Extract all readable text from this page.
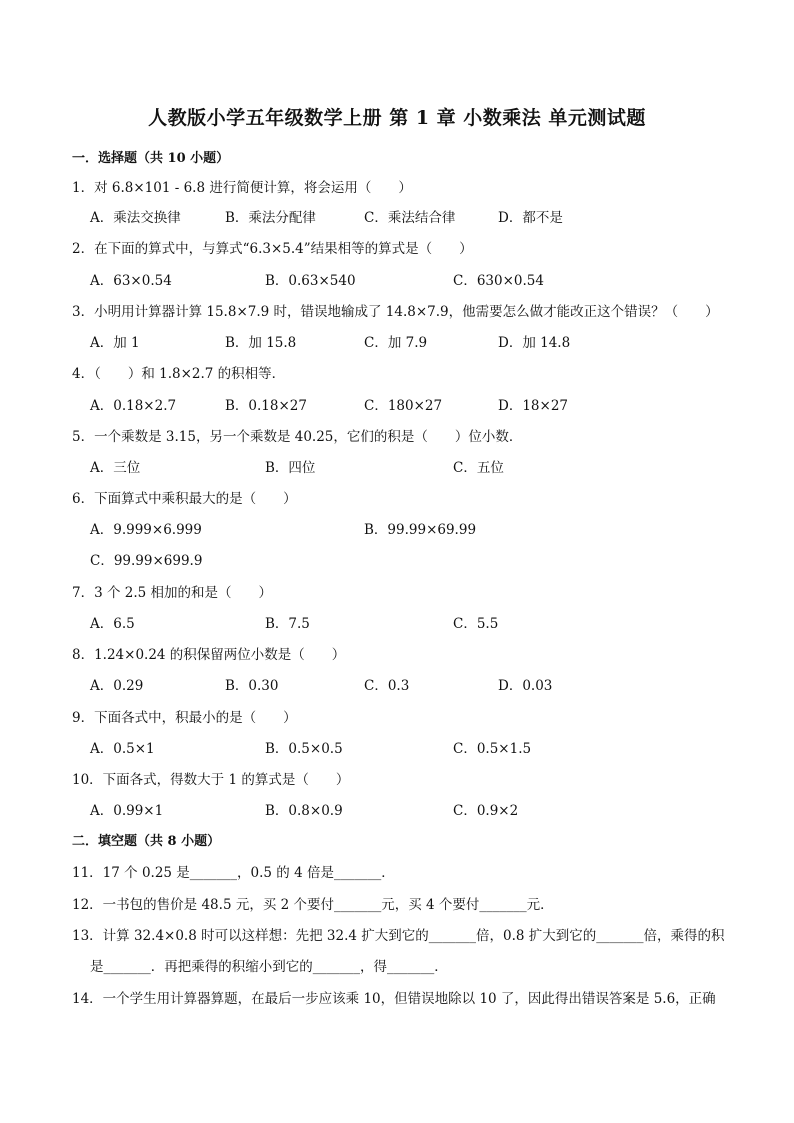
人教版小学五年级数学上册 第 1 章 小数乘法 单元测试题
一．选择题（共 10 小题）
1．对 6.8×101 - 6.8 进行简便计算，将会运用（　　）
A．乘法交换律	B．乘法分配律	C．乘法结合律	D．都不是
2．在下面的算式中，与算式“6.3×5.4”结果相等的算式是（　　）
A．63×0.54	B．0.63×540	C．630×0.54
3．小明用计算器计算 15.8×7.9 时，错误地输成了 14.8×7.9，他需要怎么做才能改正这个错误？（　　）
A．加 1	B．加 15.8	C．加 7.9	D．加 14.8
4．（　　）和 1.8×2.7 的积相等．
A．0.18×2.7	B．0.18×27	C．180×27	D．18×27
5．一个乘数是 3.15，另一个乘数是 40.25，它们的积是（　　）位小数．
A．三位	B．四位	C．五位
6．下面算式中乘积最大的是（　　）
A．9.999×6.999	B．99.99×69.99
C．99.99×699.9
7．3 个 2.5 相加的和是（　　）
A．6.5	B．7.5	C．5.5
8．1.24×0.24 的积保留两位小数是（　　）
A．0.29	B．0.30	C．0.3	D．0.03
9．下面各式中，积最小的是（　　）
A．0.5×1	B．0.5×0.5	C．0.5×1.5
10．下面各式，得数大于 1 的算式是（　　）
A．0.99×1	B．0.8×0.9	C．0.9×2
二．填空题（共 8 小题）
11．17 个 0.25 是_______，0.5 的 4 倍是_______．
12．一书包的售价是 48.5 元，买 2 个要付_______元，买 4 个要付_______元．
13．计算 32.4×0.8 时可以这样想：先把 32.4 扩大到它的_______倍，0.8 扩大到它的_______倍，乘得的积
是_______．再把乘得的积缩小到它的_______，得_______．
14．一个学生用计算器算题，在最后一步应该乘 10，但错误地除以 10 了，因此得出错误答案是 5.6，正确
